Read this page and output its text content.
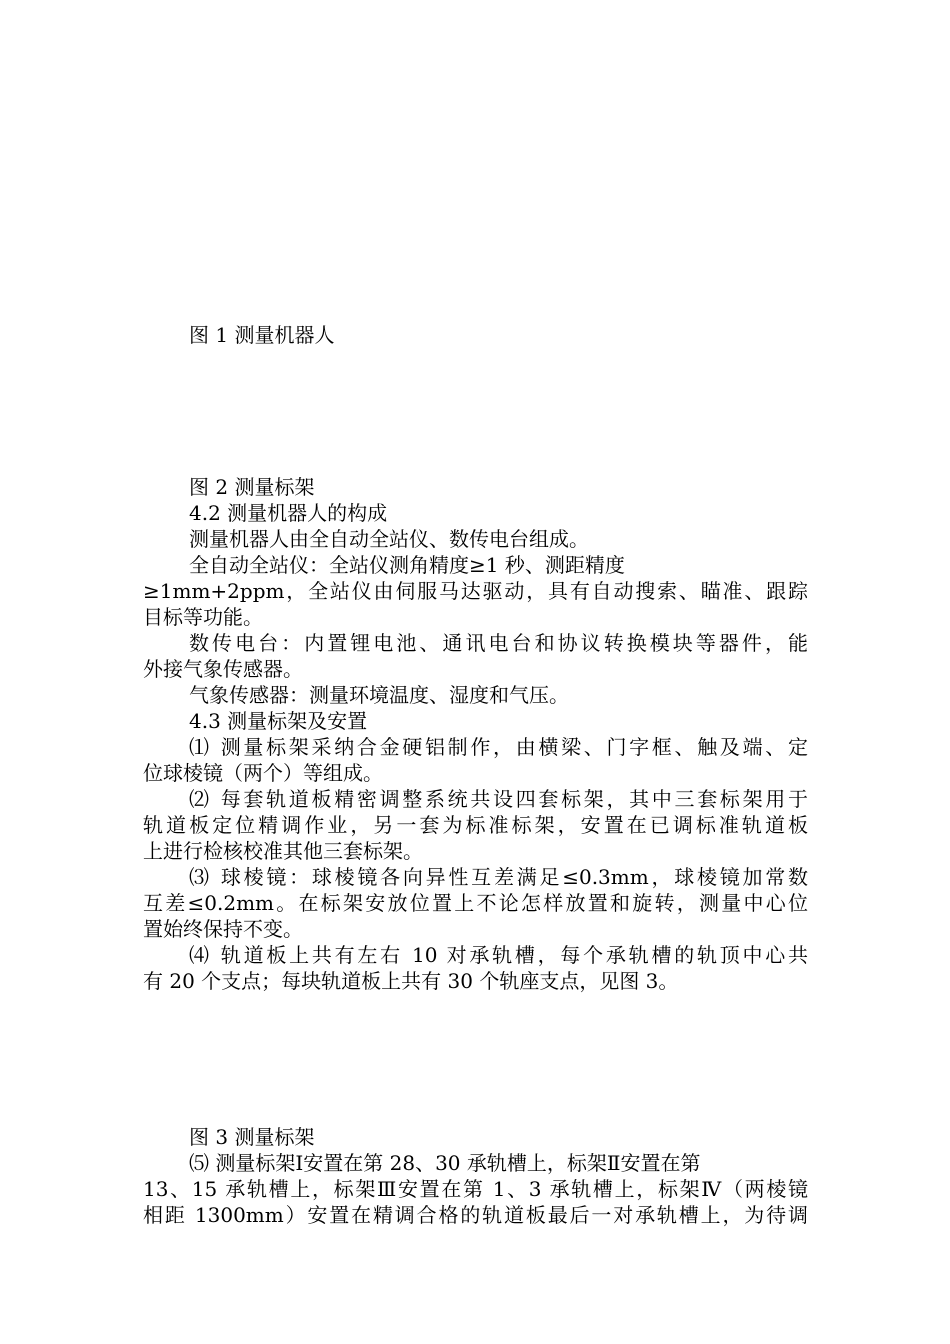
图 1 测量机器人
图 2 测量标架
4.2 测量机器人的构成
测量机器人由全自动全站仪、数传电台组成。
全自动全站仪：全站仪测角精度≥1 秒、测距精度
≥1mm+2ppm，全站仪由伺服马达驱动，具有自动搜索、瞄准、跟踪
目标等功能。
数传电台：内置锂电池、通讯电台和协议转换模块等器件，能
外接气象传感器。
气象传感器：测量环境温度、湿度和气压。
4.3 测量标架及安置
⑴ 测量标架采纳合金硬铝制作，由横梁、门字框、触及端、定
位球棱镜（两个）等组成。
⑵ 每套轨道板精密调整系统共设四套标架，其中三套标架用于
轨道板定位精调作业，另一套为标准标架，安置在已调标准轨道板
上进行检核校准其他三套标架。
⑶ 球棱镜：球棱镜各向异性互差满足≤0.3mm，球棱镜加常数
互差≤0.2mm。在标架安放位置上不论怎样放置和旋转，测量中心位
置始终保持不变。
⑷ 轨道板上共有左右 10 对承轨槽，每个承轨槽的轨顶中心共
有 20 个支点；每块轨道板上共有 30 个轨座支点，见图 3。
图 3 测量标架
⑸ 测量标架Ⅰ安置在第 28、30 承轨槽上，标架Ⅱ安置在第
13、15 承轨槽上，标架Ⅲ安置在第 1、3 承轨槽上，标架Ⅳ（两棱镜
相距 1300mm）安置在精调合格的轨道板最后一对承轨槽上，为待调
